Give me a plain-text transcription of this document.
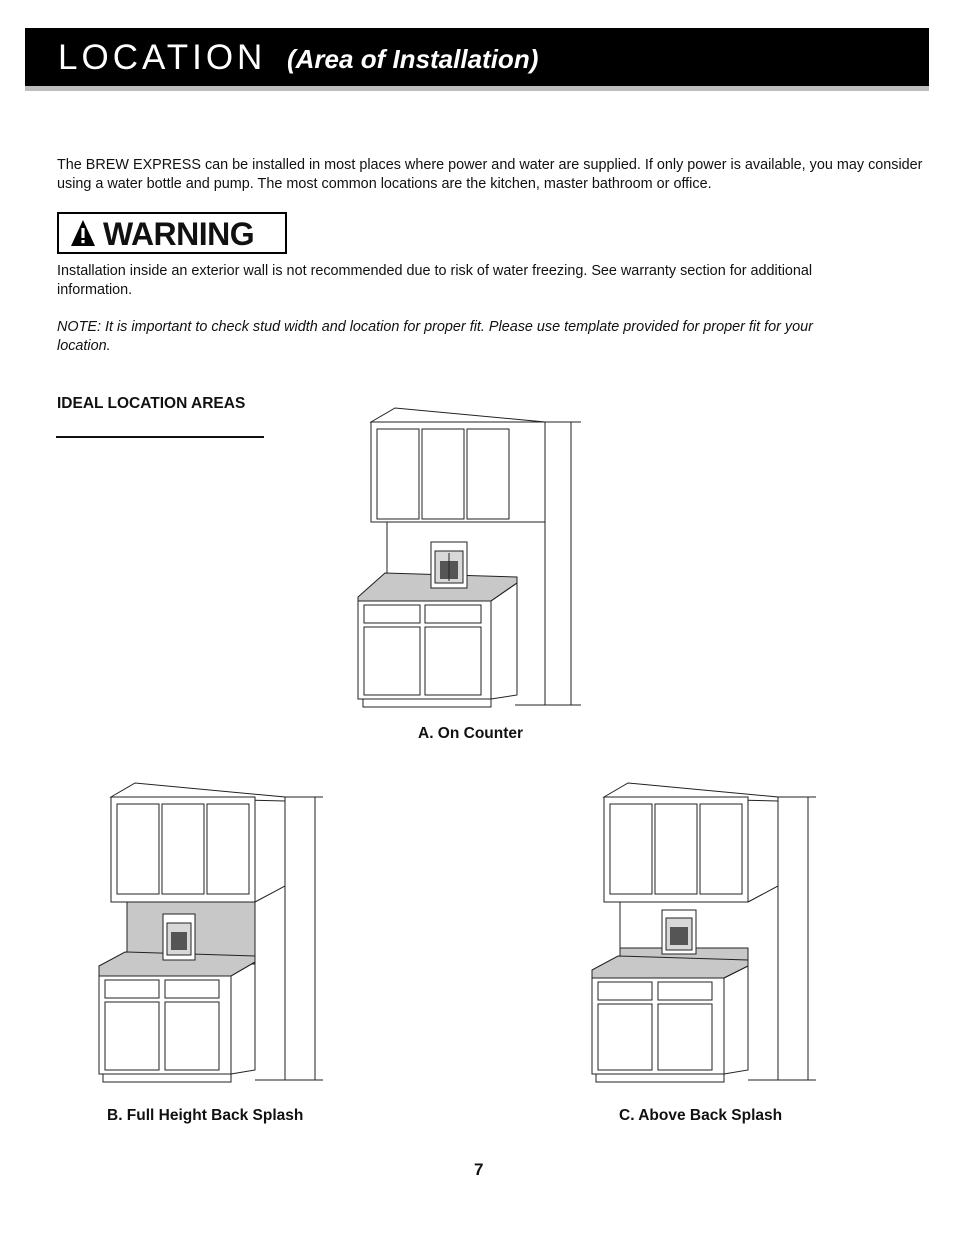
LOCATION (Area of Installation)

The BREW EXPRESS can be installed in most places where power and water are supplied. If only power is available, you may consider using a water bottle and pump. The most common locations are the kitchen, master bathroom or office.

WARNING

Installation inside an exterior wall is not recommended due to risk of water freezing. See warranty section for additional information.

NOTE: It is important to check stud width and location for proper fit. Please use template provided for proper fit for your location.

IDEAL LOCATION AREAS
A. On Counter
B. Full Height Back Splash	C. Above Back Splash
7
